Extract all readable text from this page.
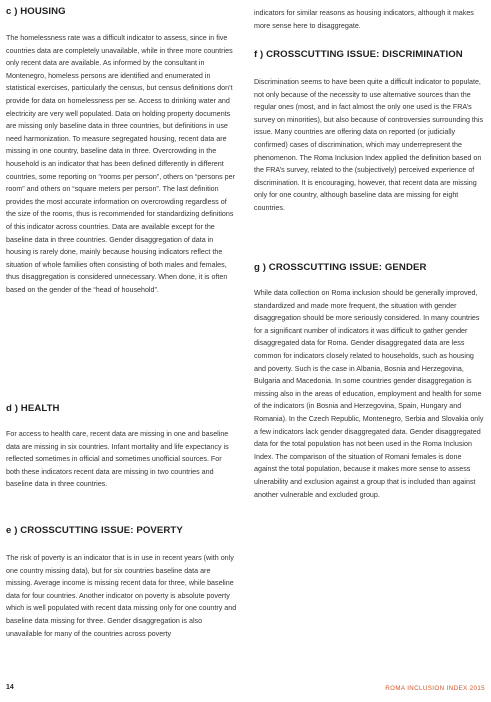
c ) HOUSING

The homelessness rate was a difficult indicator to assess, since in five countries data are completely unavailable, while in three more countries only recent data are available. As informed by the consultant in Montenegro, homeless persons are identified and enumerated in statistical exercises, particularly the census, but census definitions don’t provide for data on homelessness per se. Access to drinking water and electricity are very well populated. Data on holding property documents are missing only baseline data in three countries, but definitions in use need harmonization. To measure segregated housing, recent data are missing in one country, baseline data in three. Overcrowding in the household is an indicator that has been defined differently in different countries, some reporting on “rooms per person”, others on “persons per room” and others on “square meters per person”. The last definition provides the most accurate information on overcrowding regardless of the size of the rooms, thus is recommended for standardizing definitions of this indicator across countries. Data are available except for the baseline data in three countries. Gender disaggregation of data in housing is rarely done, mainly because housing indicators reflect the situation of whole families often consisting of both males and females, thus disaggregation is considered unnecessary. When done, it is often based on the gender of the “head of household”.

d ) HEALTH

For access to health care, recent data are missing in one and baseline data are missing in six countries. Infant mortality and life expectancy is reflected sometimes in official and sometimes unofficial sources. For both these indicators recent data are missing in two countries and baseline data in three countries.

e ) CROSSCUTTING ISSUE: POVERTY

The risk of poverty is an indicator that is in use in recent years (with only one country missing data), but for six countries baseline data are missing. Average income is missing recent data for three, while baseline data for four countries. Another indicator on poverty is absolute poverty which is well populated with recent data missing only for one country and baseline data missing for three. Gender disaggregation is also unavailable for many of the countries across poverty

indicators for similar reasons as housing indicators, although it makes more sense here to disaggregate.

f ) CROSSCUTTING ISSUE: DISCRIMINATION

Discrimination seems to have been quite a difficult indicator to populate, not only because of the necessity to use alternative sources than the regular ones (most, and in fact almost the only one used is the FRA’s survey on minorities), but also because of controversies surrounding this issue. Many countries are offering data on reported (or judicially confirmed) cases of discrimination, which may underrepresent the phenomenon. The Roma Inclusion Index applied the definition based on the FRA’s survey, related to the (subjectively) perceived experience of discrimination. It is encouraging, however, that recent data are missing only for one country, although baseline data are missing for eight countries.

g ) CROSSCUTTING ISSUE: GENDER

While data collection on Roma inclusion should be generally improved, standardized and made more frequent, the situation with gender disaggregation should be more seriously considered. In many countries for a significant number of indicators it was difficult to gather gender disaggregated data for Roma. Gender disaggregated data are less common for indicators closely related to households, such as housing and poverty. Such is the case in Albania, Bosnia and Herzegovina, Bulgaria and Macedonia. In some countries gender disaggregation is missing also in the areas of education, employment and health for some of the indicators (in Bosnia and Herzegovina, Spain, Hungary and Romania). In the Czech Republic, Montenegro, Serbia and Slovakia only a few indicators lack gender disaggregated data. Gender disaggregated data for the total population has not been used in the Roma Inclusion Index. The comparison of the situation of Romani females is done against the total population, because it makes more sense to assess ulnerability and exclusion against a group that is included than against another vulnerable and excluded group.

14	ROMA INCLUSION INDEX 2015
